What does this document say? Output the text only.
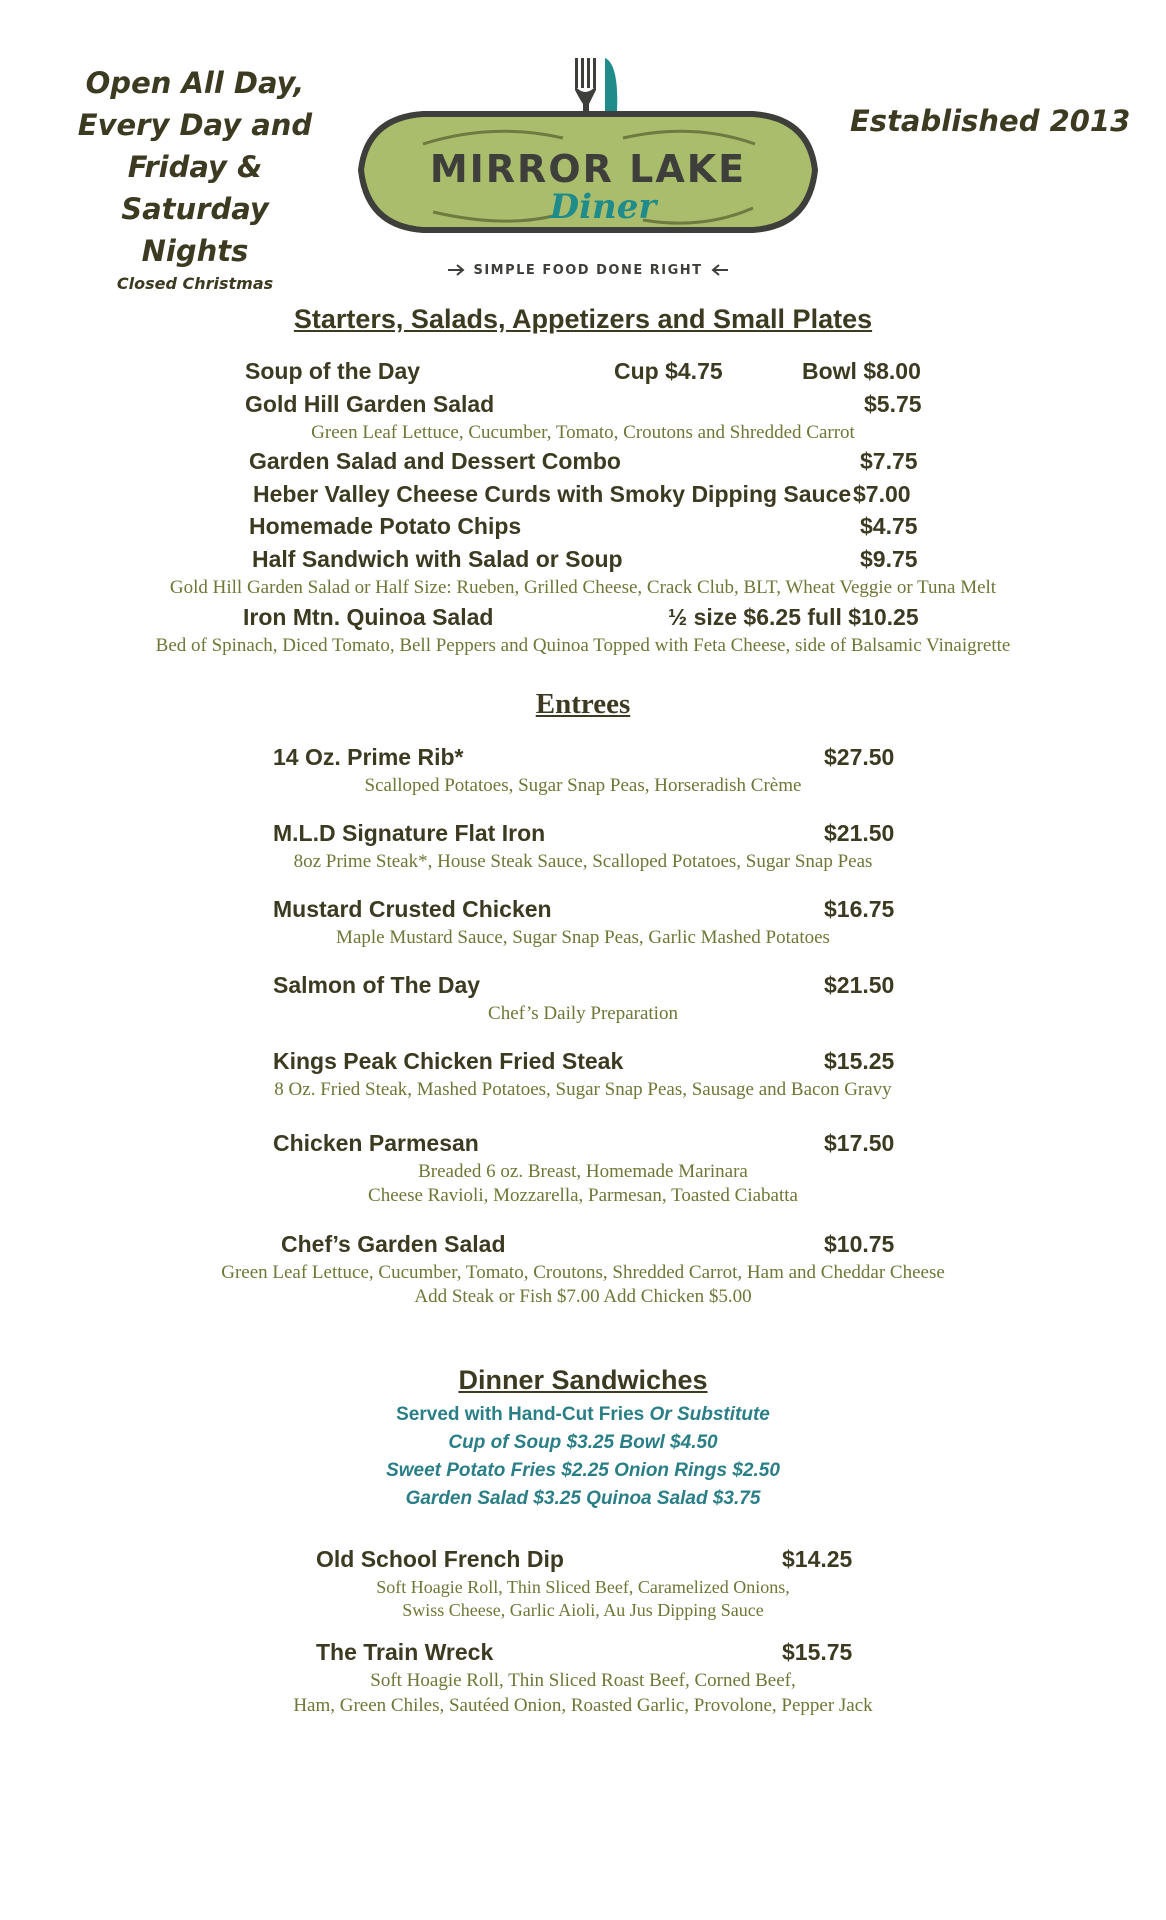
Open All Day,
Every Day and
Friday &
Saturday Nights
Closed Christmas
Established 2013
MIRROR LAKE
Diner
SIMPLE FOOD DONE RIGHT
Starters, Salads, Appetizers and Small Plates
Soup of the Day	Cup $4.75	Bowl $8.00
Gold Hill Garden Salad	$5.75
Green Leaf Lettuce, Cucumber, Tomato, Croutons and Shredded Carrot
Garden Salad and Dessert Combo	$7.75
Heber Valley Cheese Curds with Smoky Dipping Sauce $7.00
Homemade Potato Chips	$4.75
Half Sandwich with Salad or Soup	$9.75
Gold Hill Garden Salad or Half Size: Rueben, Grilled Cheese, Crack Club, BLT, Wheat Veggie or Tuna Melt
Iron Mtn. Quinoa Salad	½ size $6.25 full $10.25
Bed of Spinach, Diced Tomato, Bell Peppers and Quinoa Topped with Feta Cheese, side of Balsamic Vinaigrette
Entrees
14 Oz. Prime Rib*	$27.50
Scalloped Potatoes, Sugar Snap Peas, Horseradish Crème
M.L.D Signature Flat Iron	$21.50
8oz Prime Steak*, House Steak Sauce, Scalloped Potatoes, Sugar Snap Peas
Mustard Crusted Chicken	$16.75
Maple Mustard Sauce, Sugar Snap Peas, Garlic Mashed Potatoes
Salmon of The Day	$21.50
Chef’s Daily Preparation
Kings Peak Chicken Fried Steak	$15.25
8 Oz. Fried Steak, Mashed Potatoes, Sugar Snap Peas, Sausage and Bacon Gravy
Chicken Parmesan	$17.50
Breaded 6 oz. Breast, Homemade Marinara
Cheese Ravioli, Mozzarella, Parmesan, Toasted Ciabatta
Chef’s Garden Salad	$10.75
Green Leaf Lettuce, Cucumber, Tomato, Croutons, Shredded Carrot, Ham and Cheddar Cheese
Add Steak or Fish $7.00 Add Chicken $5.00
Dinner Sandwiches
Served with Hand-Cut Fries Or Substitute
Cup of Soup $3.25 Bowl $4.50
Sweet Potato Fries $2.25 Onion Rings $2.50
Garden Salad $3.25 Quinoa Salad $3.75
Old School French Dip	$14.25
Soft Hoagie Roll, Thin Sliced Beef, Caramelized Onions,
Swiss Cheese, Garlic Aioli, Au Jus Dipping Sauce
The Train Wreck	$15.75
Soft Hoagie Roll, Thin Sliced Roast Beef, Corned Beef,
Ham, Green Chiles, Sautéed Onion, Roasted Garlic, Provolone, Pepper Jack
